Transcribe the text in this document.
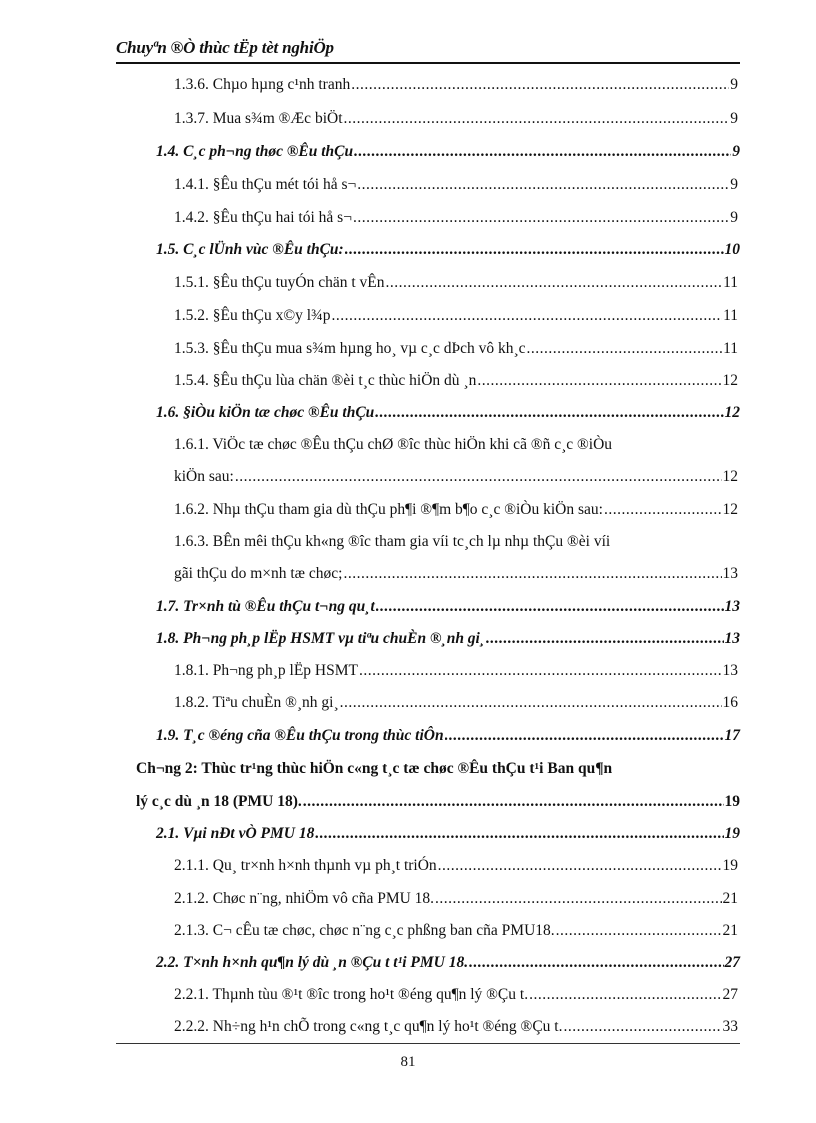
Chuyªn ®Ò thùc tËp tèt nghiÖp
1.3.6. Chµo hµng c¹nh tranh .....	9
1.3.7. Mua s¾m ®Æc biÖt .....	9
1.4. C¸c ph¬ng thøc ®Êu thÇu .....	9
1.4.1. §Êu thÇu mét tói hå s¬ .....	9
1.4.2. §Êu thÇu hai tói hå s¬ .....	9
1.5. C¸c lÜnh vùc ®Êu thÇu: .....	10
1.5.1. §Êu thÇu tuyÓn chän t vÊn .....	11
1.5.2. §Êu thÇu x©y l¾p .....	11
1.5.3. §Êu thÇu mua s¾m hµng ho¸ vµ c¸c dÞch vô kh¸c .....	11
1.5.4. §Êu thÇu lùa chän ®èi t¸c thùc hiÖn dù ¸n .....	12
1.6. §iÒu kiÖn tæ chøc ®Êu thÇu .....	12
1.6.1. ViÖc tæ chøc ®Êu thÇu chØ ®îc thùc hiÖn khi cã ®ñ c¸c ®iÒu
kiÖn sau: .....	12
1.6.2. Nhµ thÇu tham gia dù thÇu ph¶i ®¶m b¶o c¸c ®iÒu kiÖn sau: .....	12
1.6.3. BÊn mêi thÇu kh«ng ®îc tham gia víi tc¸ch lµ nhµ thÇu ®èi víi
gãi thÇu do m×nh tæ chøc; .....	13
1.7. Tr×nh tù ®Êu thÇu t¬ng qu¸t .....	13
1.8. Ph¬ng ph¸p lËp HSMT vµ tiªu chuÈn ®¸nh gi¸ .....	13
1.8.1. Ph¬ng ph¸p lËp HSMT .....	13
1.8.2. Tiªu chuÈn ®¸nh gi¸ .....	16
1.9. T¸c ®éng cña ®Êu thÇu trong thùc tiÔn .....	17
Ch¬ng 2: Thùc tr¹ng thùc hiÖn c«ng t¸c tæ chøc ®Êu thÇu t¹i Ban qu¶n
lý c¸c dù ¸n 18 (PMU 18). .....	19
2.1. Vµi nÐt vÒ PMU 18 .....	19
2.1.1. Qu¸ tr×nh h×nh thµnh vµ ph¸t triÓn .....	19
2.1.2. Chøc n¨ng, nhiÖm vô cña PMU 18. .....	21
2.1.3. C¬ cÊu tæ chøc, chøc n¨ng c¸c phßng ban cña PMU18. .....	21
2.2. T×nh h×nh qu¶n lý dù ¸n ®Çu t t¹i PMU 18. .....	27
2.2.1. Thµnh tùu ®¹t ®îc trong ho¹t ®éng qu¶n lý ®Çu t. .....	27
2.2.2. Nh÷ng h¹n chÕ trong c«ng t¸c qu¶n lý ho¹t ®éng ®Çu t. .....	33
81
